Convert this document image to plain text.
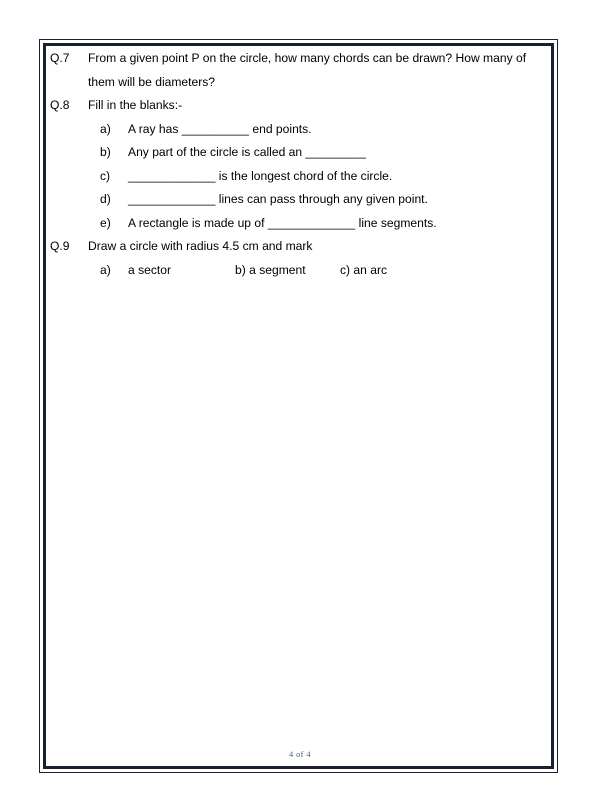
Q.7	From a given point P on the circle, how many chords can be drawn? How many of them will be diameters?
Q.8	Fill in the blanks:-
a)	A ray has __________ end points.
b)	Any part of the circle is called an _________
c)	_____________ is the longest chord of the circle.
d)	_____________ lines can pass through any given point.
e)	A rectangle is made up of _____________ line segments.
Q.9	Draw a circle with radius 4.5 cm and mark
a)	a sector	b) a segment	c) an arc
4 of 4
